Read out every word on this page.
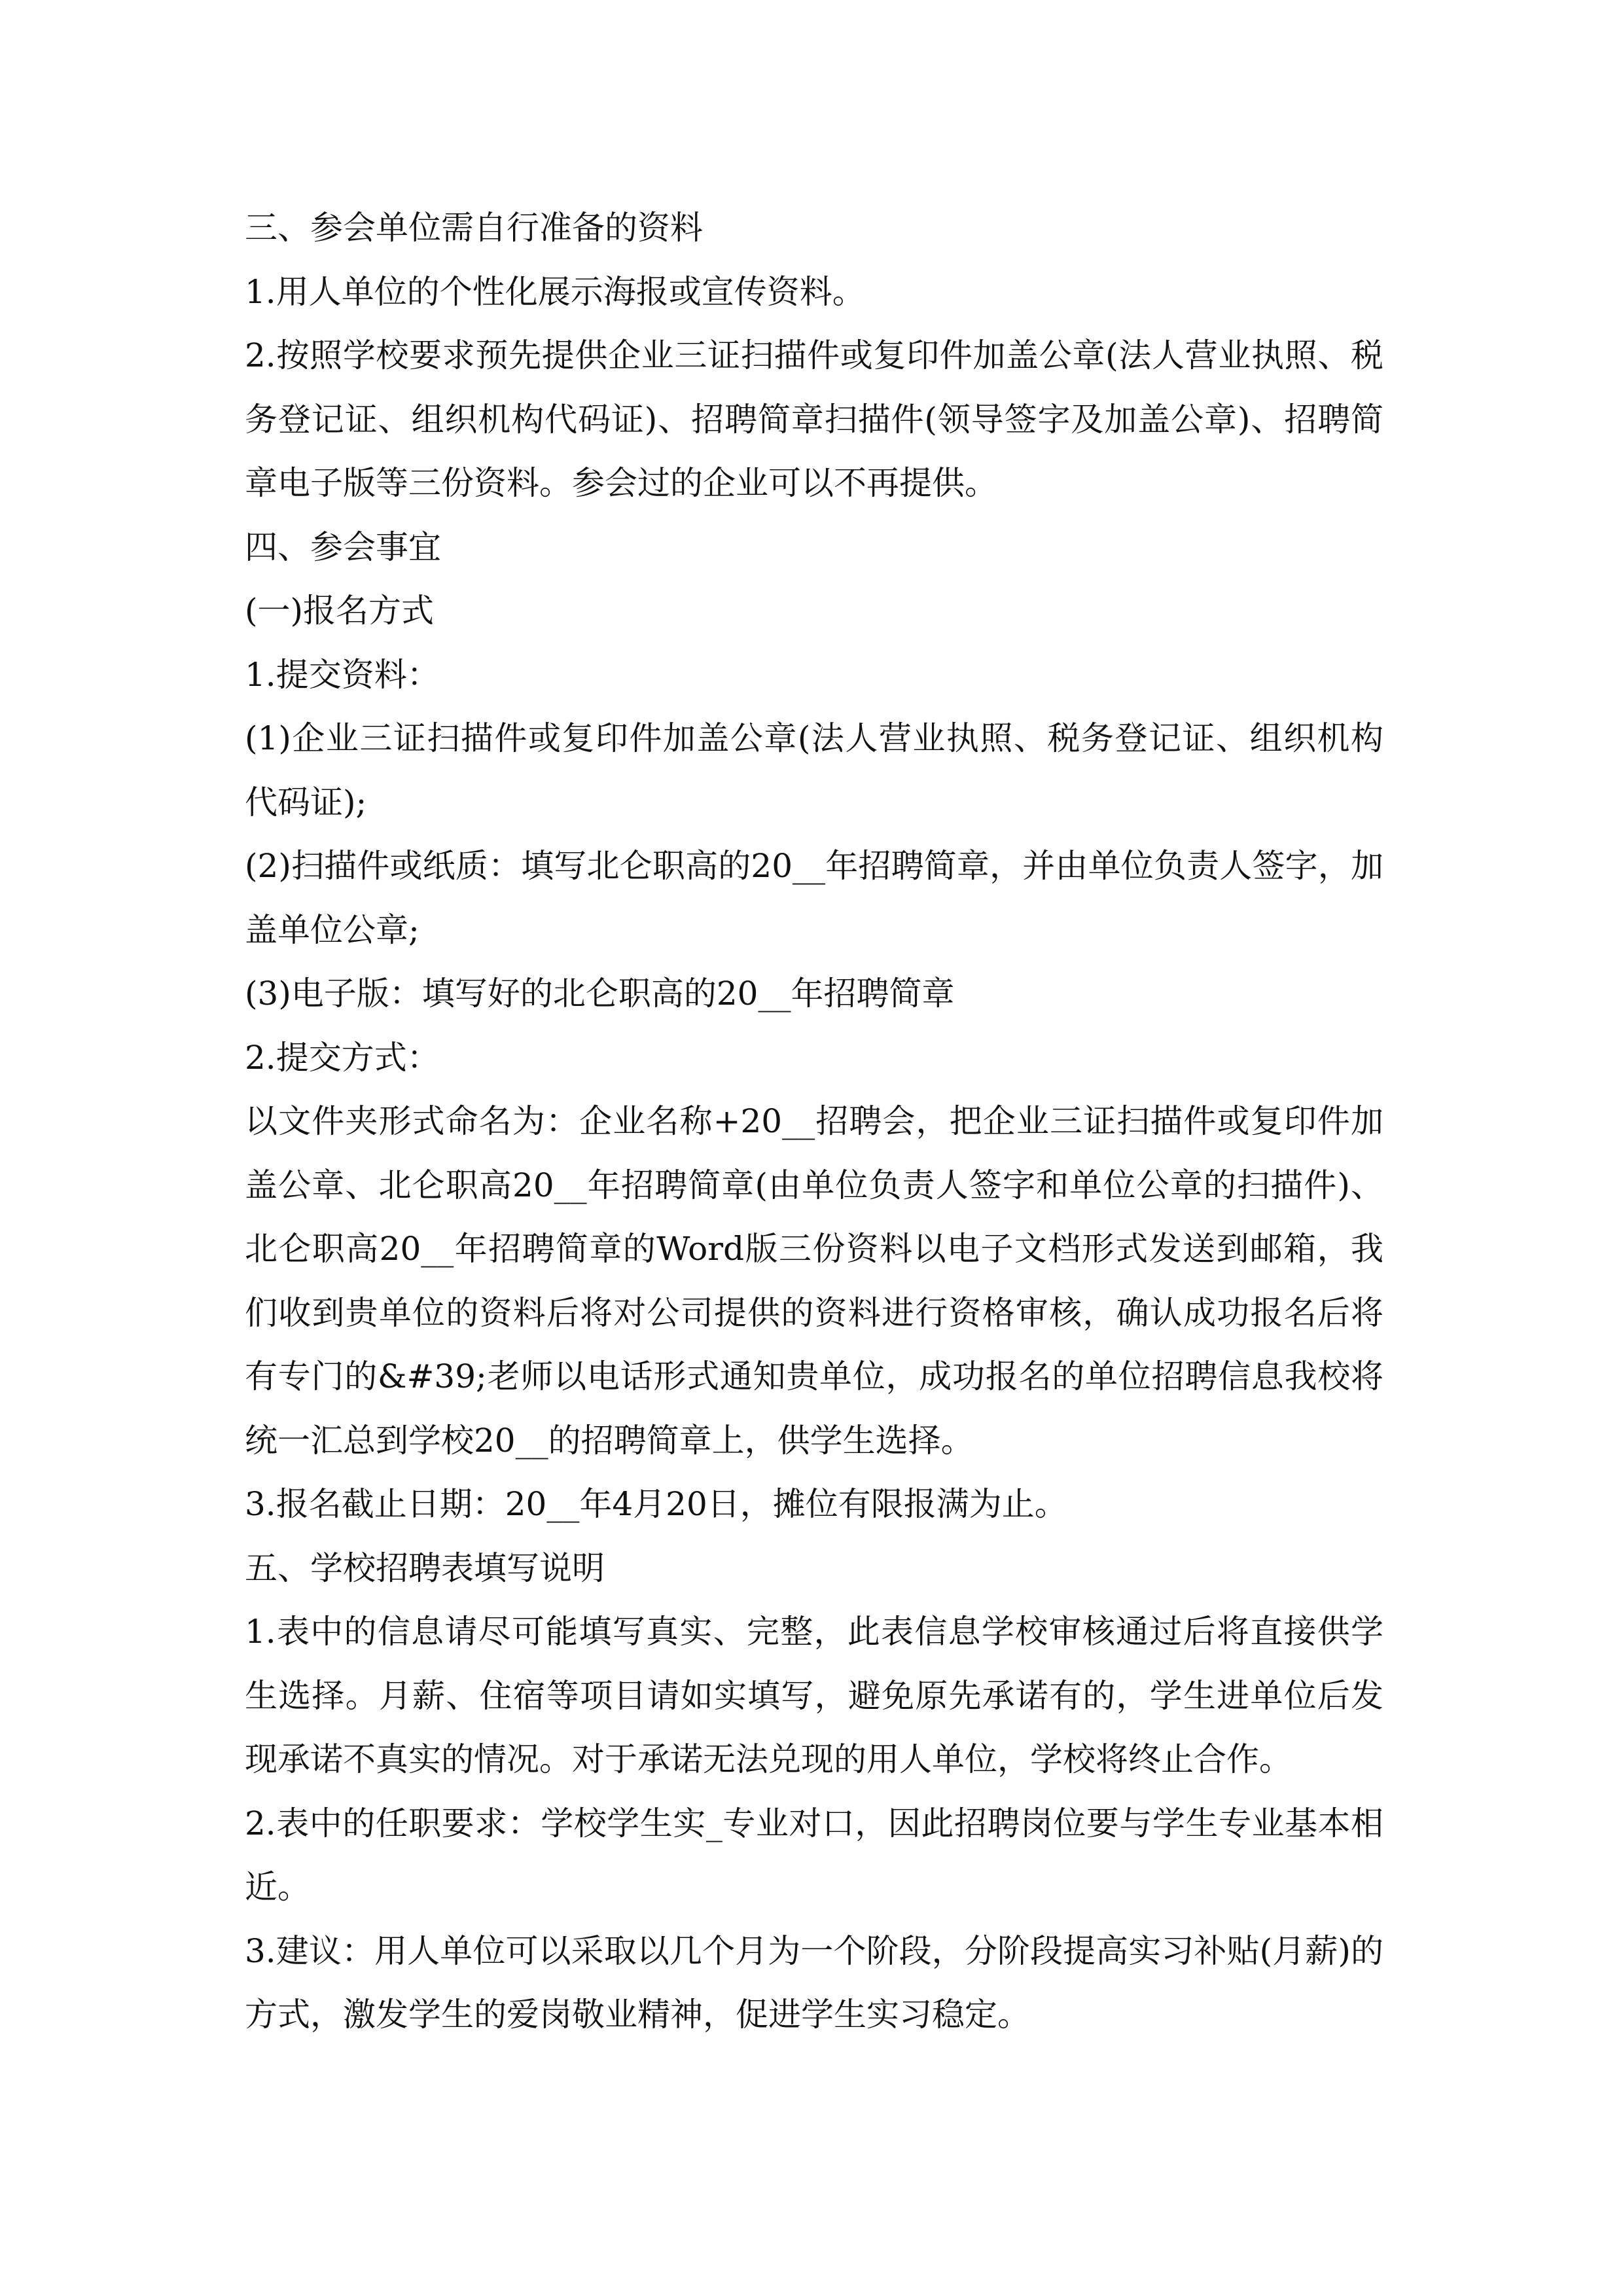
三、参会单位需自行准备的资料

1.用人单位的个性化展示海报或宣传资料。

2.按照学校要求预先提供企业三证扫描件或复印件加盖公章(法人营业执照、税务登记证、组织机构代码证)、招聘简章扫描件(领导签字及加盖公章)、招聘简章电子版等三份资料。参会过的企业可以不再提供。

四、参会事宜

(一)报名方式

1.提交资料：

(1)企业三证扫描件或复印件加盖公章(法人营业执照、税务登记证、组织机构代码证);

(2)扫描件或纸质：填写北仑职高的20__年招聘简章，并由单位负责人签字，加盖单位公章;

(3)电子版：填写好的北仑职高的20__年招聘简章

2.提交方式：

以文件夹形式命名为：企业名称+20__招聘会，把企业三证扫描件或复印件加盖公章、北仑职高20__年招聘简章(由单位负责人签字和单位公章的扫描件)、北仑职高20__年招聘简章的Word版三份资料以电子文档形式发送到邮箱，我们收到贵单位的资料后将对公司提供的资料进行资格审核，确认成功报名后将有专门的&#39;老师以电话形式通知贵单位，成功报名的单位招聘信息我校将统一汇总到学校20__的招聘简章上，供学生选择。

3.报名截止日期：20__年4月20日，摊位有限报满为止。

五、学校招聘表填写说明

1.表中的信息请尽可能填写真实、完整，此表信息学校审核通过后将直接供学生选择。月薪、住宿等项目请如实填写，避免原先承诺有的，学生进单位后发现承诺不真实的情况。对于承诺无法兑现的用人单位，学校将终止合作。

2.表中的任职要求：学校学生实_专业对口，因此招聘岗位要与学生专业基本相近。

3.建议：用人单位可以采取以几个月为一个阶段，分阶段提高实习补贴(月薪)的方式，激发学生的爱岗敬业精神，促进学生实习稳定。
